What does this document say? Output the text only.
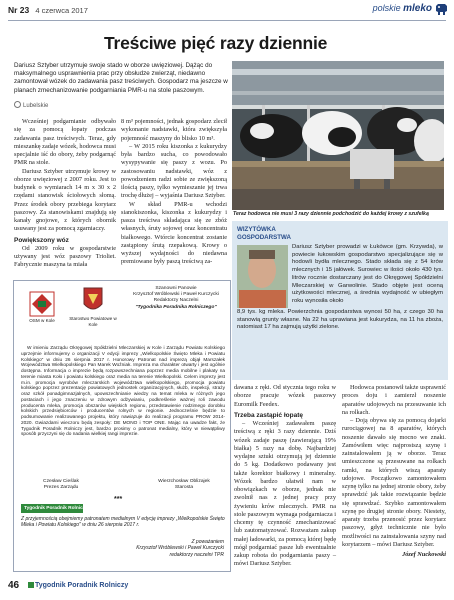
Nr 23 4 czerwca 2017	polskie mleko
Treściwe pięć razy dziennie
Dariusz Sztyber utrzymuje swoje stado w oborze uwięziowej. Dążąc do maksymalnego usprawnienia prac przy obsłudze zwierząt, niedawno zamontował wózek do zadawania pasz treściwych. Gospodarz ma jeszcze w planach zmechanizowanie podgarniania PMR-u na stole paszowym.
Lubelskie

Wcześniej podgarnianie odbywało się za pomocą łopaty podczas zadawania pasz treściwych. Teraz, gdy mieszankę zadaje wózek, hodowca musi specjalnie iść do obory, żeby podgarnąć PMR na stole.

Dariusz Sztyber utrzymuje krowy w oborze uwięziowej z 2007 roku. Jest to budynek o wymiarach 14 m x 30 x 2 rzędami stanowisk ściołowych słomą. Przez środek obory przebiega korytarz paszowy. Za stanowiskami znajdują się kanały gnojowe, z których obornik usuwany jest za pomocą zgarniaczy.

Powiększony wóz

Od 2009 roku w gospodarstwie używany jest wóz paszowy Trioliet. Fabrycznie maszyna ta miała

8 m³ pojemności, jednak gospodarz zlecił wykonanie nadstawki, która zwiększyła pojemność maszyny do blisko 10 m³.

– W 2015 roku kiszonka z kukurydzy była bardzo sucha, co powodowało wysypywanie się paszy z wozu. Po zastosowaniu nadstawki, wóz z powodzeniem radzi sobie ze zwiększoną ilością paszy, tylko wymieszanie jej trwa trochę dłużej – wyjaśnia Dariusz Sztyber.

W skład PMR-u wchodzi sianokiszonka, kiszonka z kukurydzy i pasza treściwa składająca się ze zbóż własnych, śruty sojowej oraz koncentratu białkowego. Wtórcie koncentrat zostanie zastąpiony śrutą rzepakową. Krowy o wyższej wydajności do niedawna premiowane były paszą treściwą za-

Teraz hodowca nie musi 3 razy dziennie podchodzić do każdej krowy z szufelką
WIZYTÓWKA
GOSPODARSTWA
Dariusz Sztyber prowadzi w Łukówce (gm. Krzywda), w powiecie łukowskim gospodarstwo specjalizujące się w hodowli bydła mlecznego. Stado składa się z 54 krów mlecznych i 15 jałówek. Surowiec w ilości około 430 tys. litrów rocznie dostarczany jest do Okręgowej Spółdzielni Mleczarskiej w Garwolinie. Stado objęte jest oceną użytkowości mlecznej, a średnia wydajność w ubiegłym roku wynosiła około
8,9 tys. kg mleka. Powierzchnia gospodarstwa wynosi 50 ha, z czego 30 ha stanowią grunty własne. Na 22 ha uprawiana jest kukurydza, na 11 ha zboża, natomiast 17 ha zajmują użytki zielone.
OSM w Kole	Starostwo Powiatowe w Kole
Szanowni Panowie
Krzysztof Wróblewski i Paweł Kurczycki
Redaktorzy Naczelni
"Tygodnika Poradnika Rolniczego"
W imieniu Zarządu Okręgowej Spółdzielni Mleczarskiej w Kole i Zarządu Powiatu Kolskiego uprzejmie informujemy o organizacji V edycji imprezy „Wielkopolskie Święto Mleka i Powiatu Kolskiego" w dniu 26 sierpnia 2017 r. Honorowy Patronat nad imprezą objął Marszałek Województwa Wielkopolskiego Pan Marek Woźniak. Impreza ma charakter otwarty i jest ogólnie dostępna. Informacja o imprezie będą rozpowszechniana poprzez media mobilne i plakaty na terenie miasta Koło i powiatu kolskiego oraz media na terenie Wielkopolski. Celem imprezy jest m.in. promocja wyrobów mleczarskich województwa wielkopolskiego, promocja powiatu kolskiego poprzez prezentację powiatowych jednostek organizacyjnych, służb, inspekcji, straży oraz szkół ponadgimnazjalnych, upowszechnianie wiedzy na temat mleka w różnych jego postaciach i jego znaczeniu w zdrowym odżywianiu, podkreślenie ważnej roli zawodu producenta mleka, promocja obszarów wiejskich regionu, przedstawienie rodzimego dorobku kolskich przedsiębiorców i producentów rolnych w regionie. Jednocześnie będzie to podsumowanie realizowanego projektu, który nawiązuje do realizacji programu PROW 2014-2020. Gwiazdami wieczoru będą zespoły: DE MONO i TOP ONE. Mając na uwadze fakt, że Tygodnik Poradnik Rolniczy jest, bardzo prosimy o patronat medialny, który w niewątpliwy sposób przyczyni się do nadania wielkiej rangi imprezie.
Czesław Cieślak
Prezes Zarządu
Wierzchosław Oblizajek
Starosta
***
Tygodnik Poradnik Rolniczy
Z przyjemnością obejmiemy patronatem medialnym V edycję imprezy „Wielkopolskie Święto Mleka i Powiatu Kolskiego" w dniu 26 sierpnia 2017 r.
Z poważaniem
Krzysztof Wróblewski i Paweł Kurczycki
redaktorzy naczelni TPR

dawana z ręki. Od stycznia tego roku w oborze pracuje wózek paszowy Euromilk Feedex.

Trzeba zastąpić łopatę

– Wcześniej zadawałem paszę treściwą z ręki 3 razy dziennie. Dziś wózek zadaje paszę (zawierającą 19% białka) 5 razy na dobę. Najbardziej wydajne sztuki otrzymują jej dziennie do 5 kg. Dodatkowo podawany jest także korektor białkowy i mineralny. Wózek bardzo ułatwił nam w obowiązkach w oborze, jednak nie zwolnił nas z jednej pracy przy żywieniu krów mlecznych. PMR na stole paszowym wymaga podgarniacza i chcemy tę czynność zmechanizować lub zautomatyzować. Rozważam zakup małej ładowarki, za pomocą której będę mógł podgarniać pasze lub ewentualnie zakup robota do podgarniania paszy – mówi Dariusz Sztyber.

Hodowca postanowił także usprawnić proces doju i zamierzł noszenie aparatów udojowych na przesuwanie ich na rolkach.

– Doją obywa się za pomocą dojarki rurociągowej na 8 aparatów, których noszenie dawało się mocno we znaki. Zamówiłem więc najprostszą szynę i zainstalowałem ją w oborze. Teraz umieszczone są przesuwane na rolkach ramki, na których wiszą aparaty udojowe. Początkowo zamontowałem szynę tylko na jednej stronie obory, żeby sprawdzić jak takie rozwiązanie będzie się sprawdzać. Szybko zamontowałem szynę po drugiej stronie obory. Niestety, aparaty trzeba przenosić przez korytarz paszowy, gdyż technicznie nie było możliwości na zainstalowania szyny nad korytarzem – mówi Dariusz Sztyber.

Józef Nuckowski
46	Tygodnik Poradnik Rolniczy
